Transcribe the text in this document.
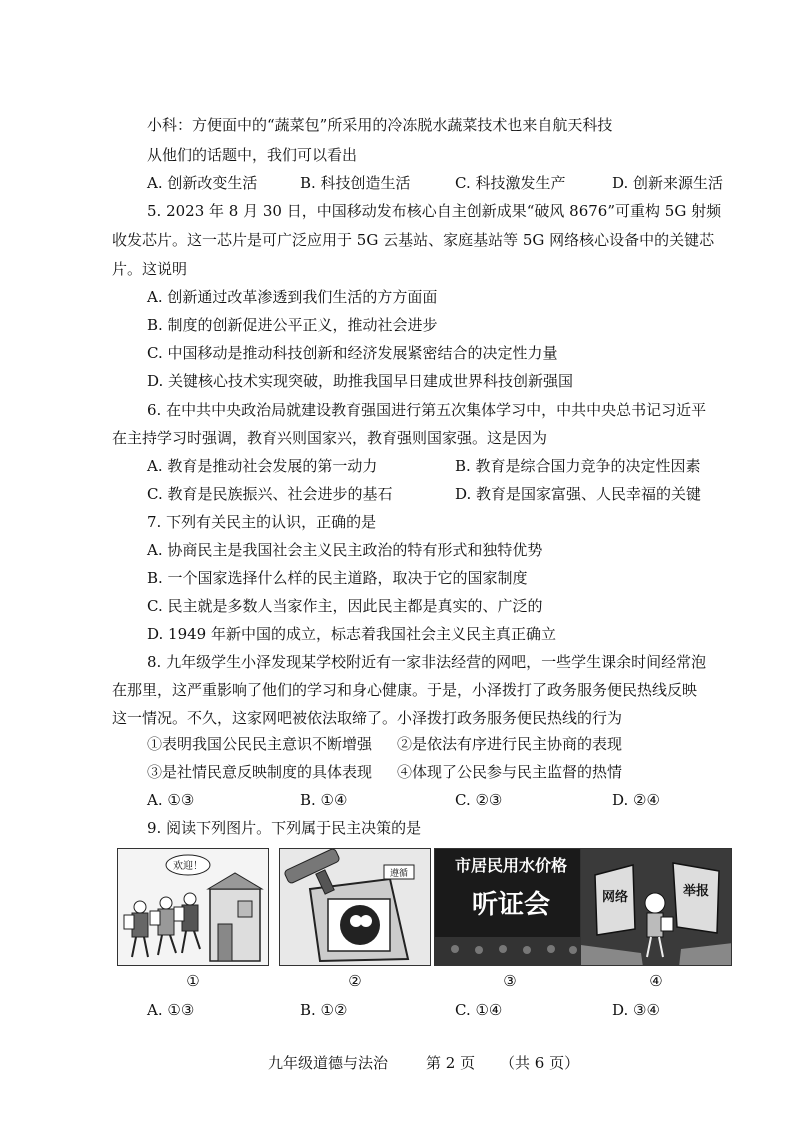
小科：方便面中的“蔬菜包”所采用的冷冻脱水蔬菜技术也来自航天科技
从他们的话题中，我们可以看出
A. 创新改变生活	B. 科技创造生活	C. 科技激发生产	D. 创新来源生活
5. 2023 年 8 月 30 日，中国移动发布核心自主创新成果“破风 8676”可重构 5G 射频
收发芯片。这一芯片是可广泛应用于 5G 云基站、家庭基站等 5G 网络核心设备中的关键芯
片。这说明
A. 创新通过改革渗透到我们生活的方方面面
B. 制度的创新促进公平正义，推动社会进步
C. 中国移动是推动科技创新和经济发展紧密结合的决定性力量
D. 关键核心技术实现突破，助推我国早日建成世界科技创新强国
6. 在中共中央政治局就建设教育强国进行第五次集体学习中，中共中央总书记习近平
在主持学习时强调，教育兴则国家兴，教育强则国家强。这是因为
A. 教育是推动社会发展的第一动力	B. 教育是综合国力竞争的决定性因素
C. 教育是民族振兴、社会进步的基石	D. 教育是国家富强、人民幸福的关键
7. 下列有关民主的认识，正确的是
A. 协商民主是我国社会主义民主政治的特有形式和独特优势
B. 一个国家选择什么样的民主道路，取决于它的国家制度
C. 民主就是多数人当家作主，因此民主都是真实的、广泛的
D. 1949 年新中国的成立，标志着我国社会主义民主真正确立
8. 九年级学生小泽发现某学校附近有一家非法经营的网吧，一些学生课余时间经常泡
在那里，这严重影响了他们的学习和身心健康。于是，小泽拨打了政务服务便民热线反映
这一情况。不久，这家网吧被依法取缔了。小泽拨打政务服务便民热线的行为
①表明我国公民民主意识不断增强 ②是依法有序进行民主协商的表现
③是社情民意反映制度的具体表现 ④体现了公民参与民主监督的热情
A. ①③	B. ①④	C. ②③	D. ②④
9. 阅读下列图片。下列属于民主决策的是
欢迎！
遵循	市居民用水价格
听证会	网络	举报
①	②	③	④
A. ①③	B. ①②	C. ①④	D. ③④
九年级道德与法治	第 2 页 （共 6 页）
